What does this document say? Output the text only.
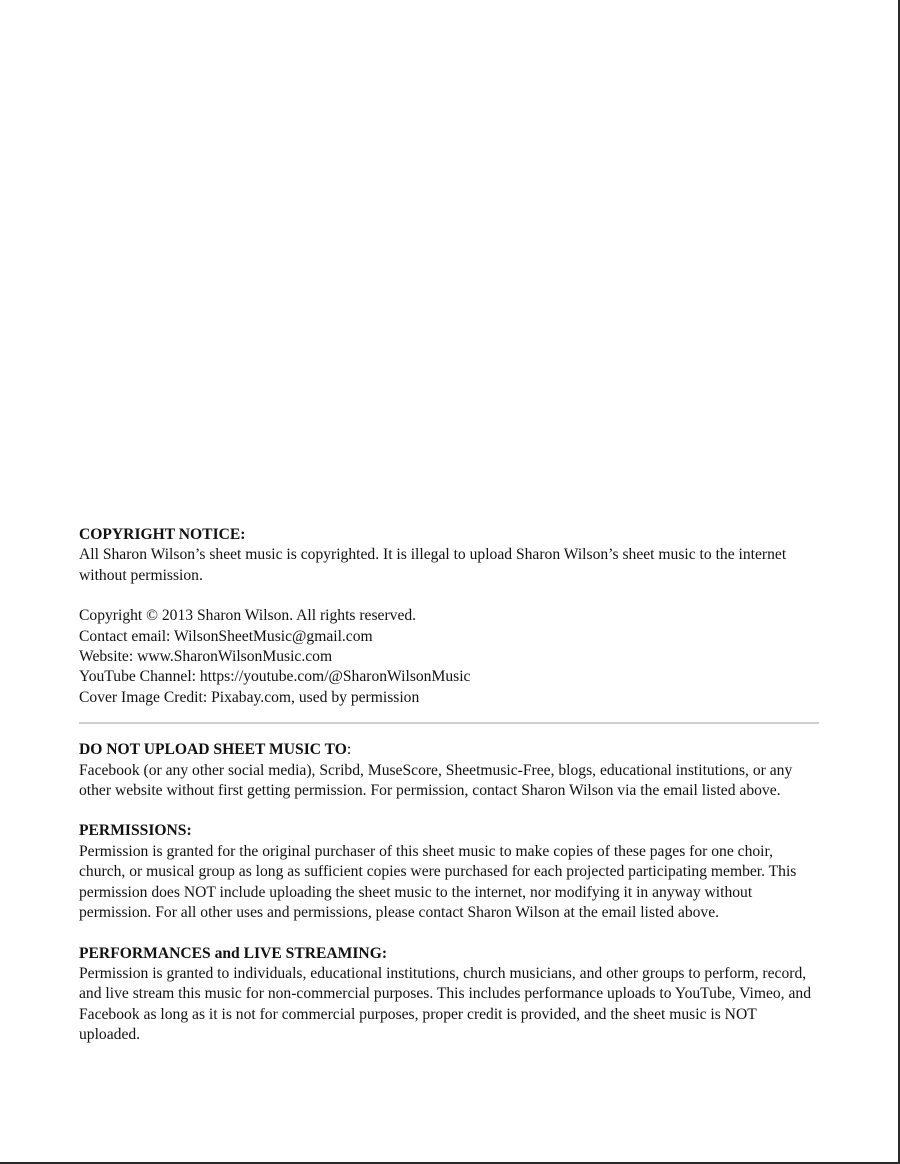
COPYRIGHT NOTICE:
All Sharon Wilson’s sheet music is copyrighted. It is illegal to upload Sharon Wilson’s sheet music to the internet without permission.
Copyright © 2013 Sharon Wilson. All rights reserved.
Contact email: WilsonSheetMusic@gmail.com
Website: www.SharonWilsonMusic.com
YouTube Channel: https://youtube.com/@SharonWilsonMusic
Cover Image Credit: Pixabay.com, used by permission
DO NOT UPLOAD SHEET MUSIC TO:
Facebook (or any other social media), Scribd, MuseScore, Sheetmusic-Free, blogs, educational institutions, or any other website without first getting permission. For permission, contact Sharon Wilson via the email listed above.
PERMISSIONS:
Permission is granted for the original purchaser of this sheet music to make copies of these pages for one choir, church, or musical group as long as sufficient copies were purchased for each projected participating member. This permission does NOT include uploading the sheet music to the internet, nor modifying it in anyway without permission. For all other uses and permissions, please contact Sharon Wilson at the email listed above.
PERFORMANCES and LIVE STREAMING:
Permission is granted to individuals, educational institutions, church musicians, and other groups to perform, record, and live stream this music for non-commercial purposes. This includes performance uploads to YouTube, Vimeo, and Facebook as long as it is not for commercial purposes, proper credit is provided, and the sheet music is NOT uploaded.
